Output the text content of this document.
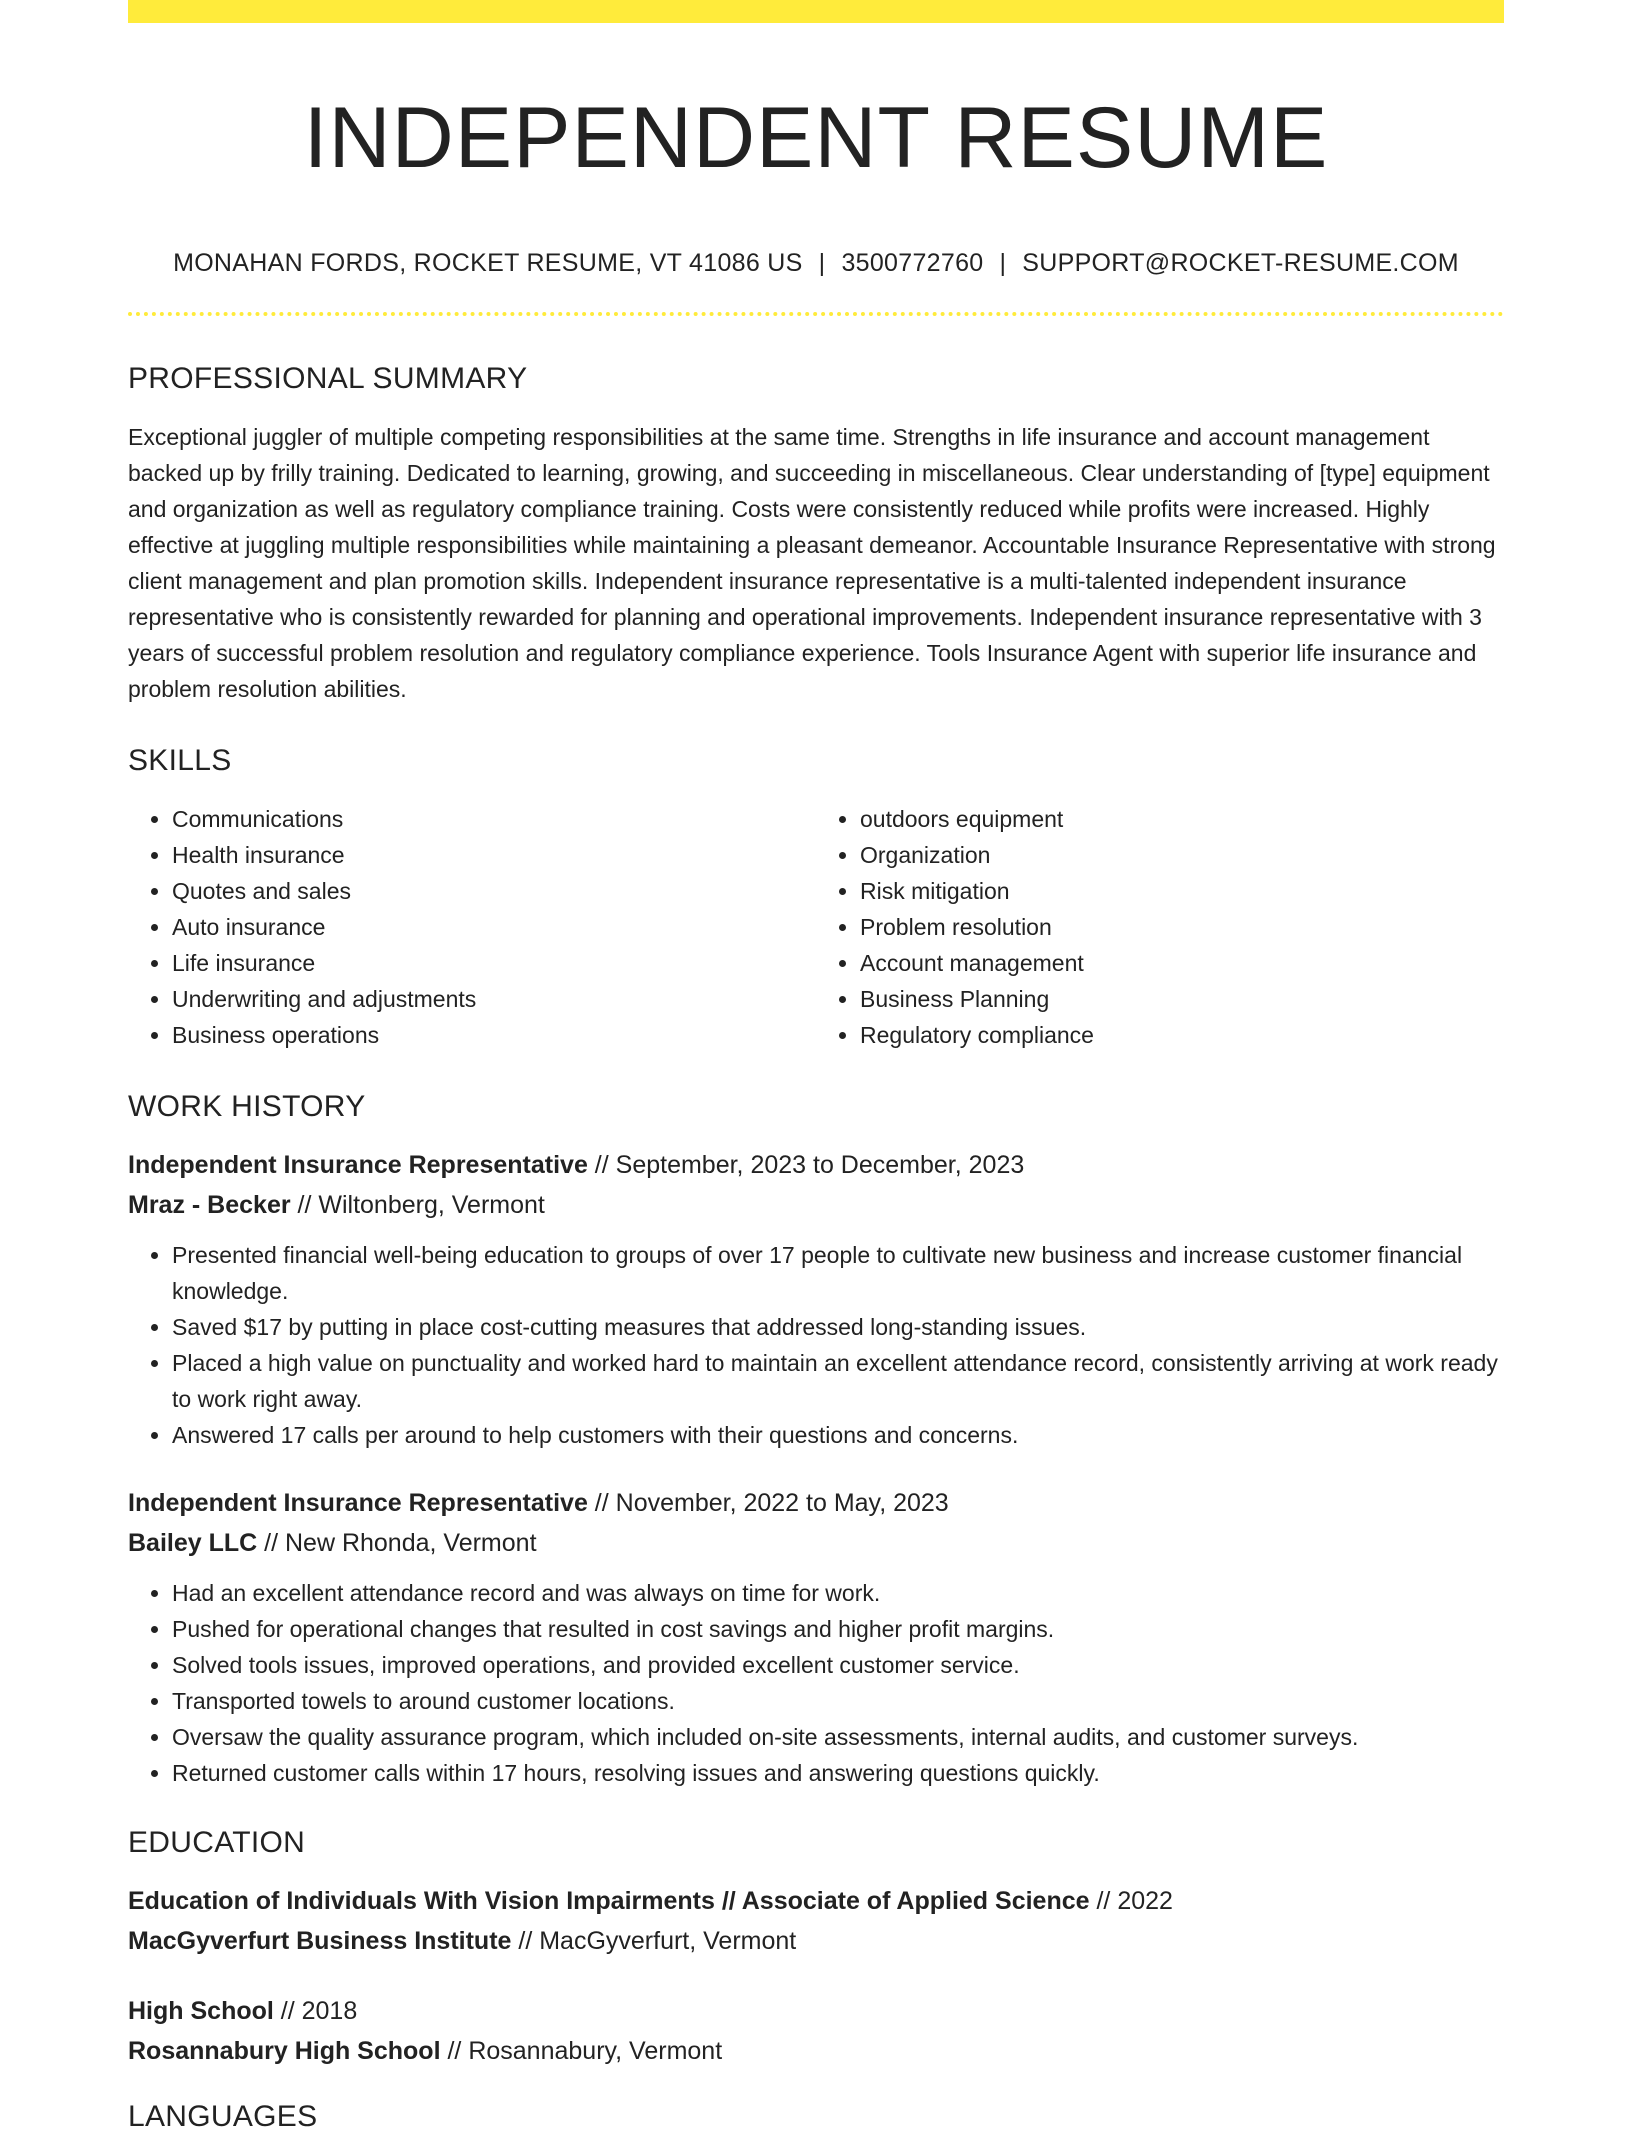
INDEPENDENT RESUME
MONAHAN FORDS, ROCKET RESUME, VT 41086 US | 3500772760 | SUPPORT@ROCKET-RESUME.COM
PROFESSIONAL SUMMARY

Exceptional juggler of multiple competing responsibilities at the same time. Strengths in life insurance and account management backed up by frilly training. Dedicated to learning, growing, and succeeding in miscellaneous. Clear understanding of [type] equipment and organization as well as regulatory compliance training. Costs were consistently reduced while profits were increased. Highly effective at juggling multiple responsibilities while maintaining a pleasant demeanor. Accountable Insurance Representative with strong client management and plan promotion skills. Independent insurance representative is a multi-talented independent insurance representative who is consistently rewarded for planning and operational improvements. Independent insurance representative with 3 years of successful problem resolution and regulatory compliance experience. Tools Insurance Agent with superior life insurance and problem resolution abilities.

SKILLS
• Communications
• Health insurance
• Quotes and sales
• Auto insurance
• Life insurance
• Underwriting and adjustments
• Business operations
• outdoors equipment
• Organization
• Risk mitigation
• Problem resolution
• Account management
• Business Planning
• Regulatory compliance
WORK HISTORY
Independent Insurance Representative // September, 2023 to December, 2023
Mraz - Becker // Wiltonberg, Vermont
• Presented financial well-being education to groups of over 17 people to cultivate new business and increase customer financial knowledge.
• Saved $17 by putting in place cost-cutting measures that addressed long-standing issues.
• Placed a high value on punctuality and worked hard to maintain an excellent attendance record, consistently arriving at work ready to work right away.
• Answered 17 calls per around to help customers with their questions and concerns.
Independent Insurance Representative // November, 2022 to May, 2023
Bailey LLC // New Rhonda, Vermont
• Had an excellent attendance record and was always on time for work.
• Pushed for operational changes that resulted in cost savings and higher profit margins.
• Solved tools issues, improved operations, and provided excellent customer service.
• Transported towels to around customer locations.
• Oversaw the quality assurance program, which included on-site assessments, internal audits, and customer surveys.
• Returned customer calls within 17 hours, resolving issues and answering questions quickly.
EDUCATION
Education of Individuals With Vision Impairments // Associate of Applied Science // 2022
MacGyverfurt Business Institute // MacGyverfurt, Vermont
High School // 2018
Rosannabury High School // Rosannabury, Vermont
LANGUAGES
